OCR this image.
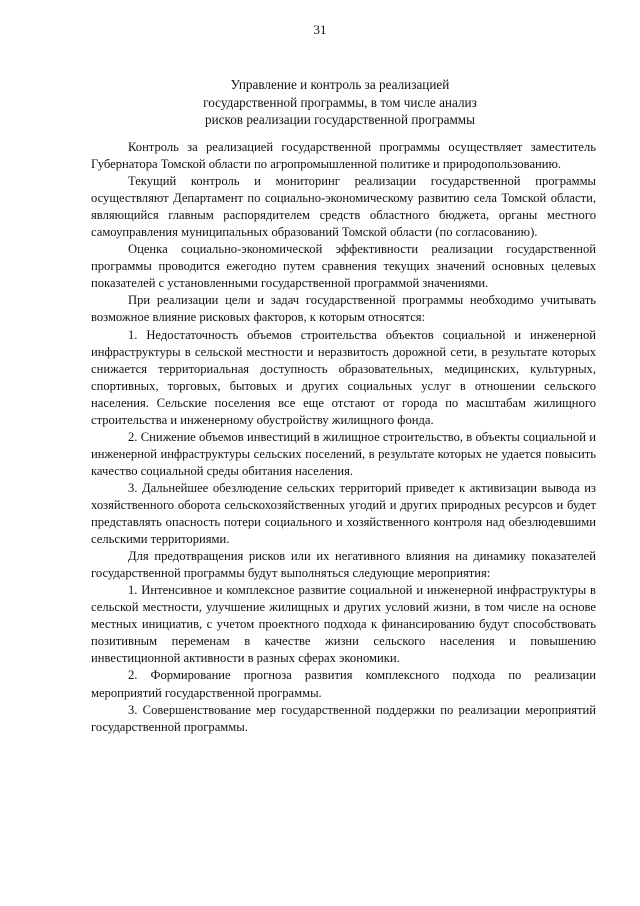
31
Управление и контроль за реализацией
государственной программы, в том числе анализ
рисков реализации государственной программы

Контроль за реализацией государственной программы осуществляет заместитель Губернатора Томской области по агропромышленной политике и природопользованию.

Текущий контроль и мониторинг реализации государственной программы осуществляют Департамент по социально-экономическому развитию села Томской области, являющийся главным распорядителем средств областного бюджета, органы местного самоуправления муниципальных образований Томской области (по согласованию).

Оценка социально-экономической эффективности реализации государственной программы проводится ежегодно путем сравнения текущих значений основных целевых показателей с установленными государственной программой значениями.

При реализации цели и задач государственной программы необходимо учитывать возможное влияние рисковых факторов, к которым относятся:

1. Недостаточность объемов строительства объектов социальной и инженерной инфраструктуры в сельской местности и неразвитость дорожной сети, в результате которых снижается территориальная доступность образовательных, медицинских, культурных, спортивных, торговых, бытовых и других социальных услуг в отношении сельского населения. Сельские поселения все еще отстают от города по масштабам жилищного строительства и инженерному обустройству жилищного фонда.

2. Снижение объемов инвестиций в жилищное строительство, в объекты социальной и инженерной инфраструктуры сельских поселений, в результате которых не удается повысить качество социальной среды обитания населения.

3. Дальнейшее обезлюдение сельских территорий приведет к активизации вывода из хозяйственного оборота сельскохозяйственных угодий и других природных ресурсов и будет представлять опасность потери социального и хозяйственного контроля над обезлюдевшими сельскими территориями.

Для предотвращения рисков или их негативного влияния на динамику показателей государственной программы будут выполняться следующие мероприятия:

1. Интенсивное и комплексное развитие социальной и инженерной инфраструктуры в сельской местности, улучшение жилищных и других условий жизни, в том числе на основе местных инициатив, с учетом проектного подхода к финансированию будут способствовать позитивным переменам в качестве жизни сельского населения и повышению инвестиционной активности в разных сферах экономики.

2. Формирование прогноза развития комплексного подхода по реализации мероприятий государственной программы.

3. Совершенствование мер государственной поддержки по реализации мероприятий государственной программы.
